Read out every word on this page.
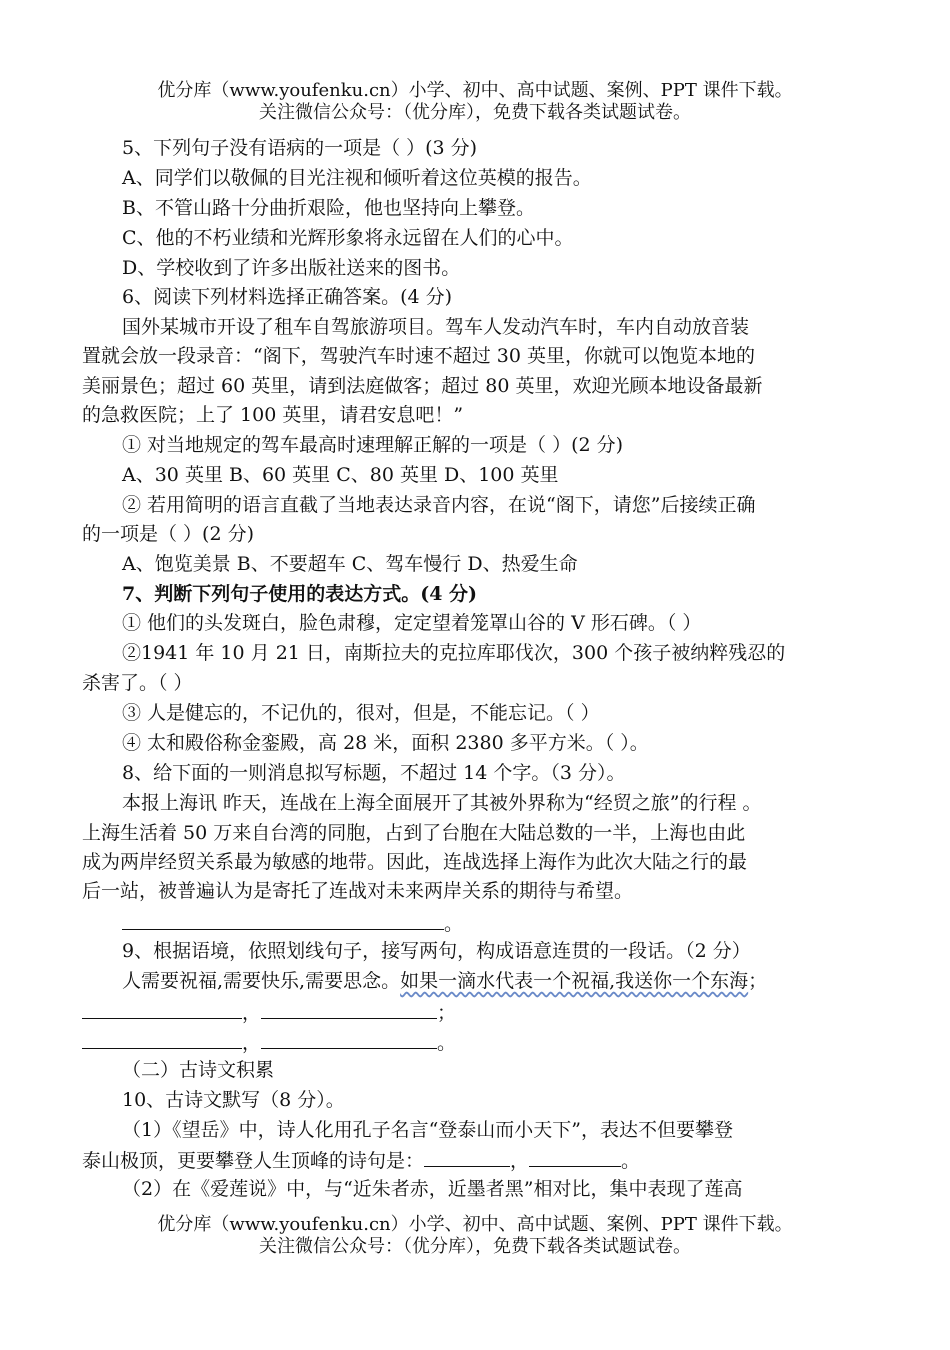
优分库（www.youfenku.cn）小学、初中、高中试题、案例、PPT 课件下载。
关注微信公众号：（优分库），免费下载各类试题试卷。
5、下列句子没有语病的一项是（ ）(3 分)
A、同学们以敬佩的目光注视和倾听着这位英模的报告。
B、不管山路十分曲折艰险，他也坚持向上攀登。
C、他的不朽业绩和光辉形象将永远留在人们的心中。
D、学校收到了许多出版社送来的图书。
6、阅读下列材料选择正确答案。(4 分)
国外某城市开设了租车自驾旅游项目。驾车人发动汽车时，车内自动放音装
置就会放一段录音：“阁下，驾驶汽车时速不超过 30 英里，你就可以饱览本地的
美丽景色；超过 60 英里，请到法庭做客；超过 80 英里，欢迎光顾本地设备最新
的急救医院；上了 100 英里，请君安息吧！”
① 对当地规定的驾车最高时速理解正解的一项是（ ）(2 分)
A、30 英里 B、60 英里 C、80 英里 D、100 英里
② 若用简明的语言直截了当地表达录音内容，在说“阁下，请您”后接续正确
的一项是（ ）(2 分)
A、饱览美景 B、不要超车 C、驾车慢行 D、热爱生命
7、判断下列句子使用的表达方式。(4 分)
① 他们的头发斑白，脸色肃穆，定定望着笼罩山谷的 V 形石碑。（ ）
②1941 年 10 月 21 日，南斯拉夫的克拉库耶伐次，300 个孩子被纳粹残忍的
杀害了。（ ）
③ 人是健忘的，不记仇的，很对，但是，不能忘记。（ ）
④ 太和殿俗称金銮殿，高 28 米，面积 2380 多平方米。（ ）。
8、给下面的一则消息拟写标题，不超过 14 个字。（3 分）。
本报上海讯 昨天，连战在上海全面展开了其被外界称为“经贸之旅”的行程 。
上海生活着 50 万来自台湾的同胞，占到了台胞在大陆总数的一半，上海也由此
成为两岸经贸关系最为敏感的地带。因此，连战选择上海作为此次大陆之行的最
后一站，被普遍认为是寄托了连战对未来两岸关系的期待与希望。
。
9、根据语境，依照划线句子，接写两句，构成语意连贯的一段话。（2 分）
人需要祝福,需要快乐,需要思念。如果一滴水代表一个祝福,我送你一个东海；
，	；
，	。
（二）古诗文积累
10、古诗文默写（8 分）。
（1）《望岳》中，诗人化用孔子名言“登泰山而小天下”，表达不但要攀登
泰山极顶，更要攀登人生顶峰的诗句是：	，	。
（2）在《爱莲说》中，与“近朱者赤，近墨者黑”相对比，集中表现了莲高
优分库（www.youfenku.cn）小学、初中、高中试题、案例、PPT 课件下载。
关注微信公众号：（优分库），免费下载各类试题试卷。
